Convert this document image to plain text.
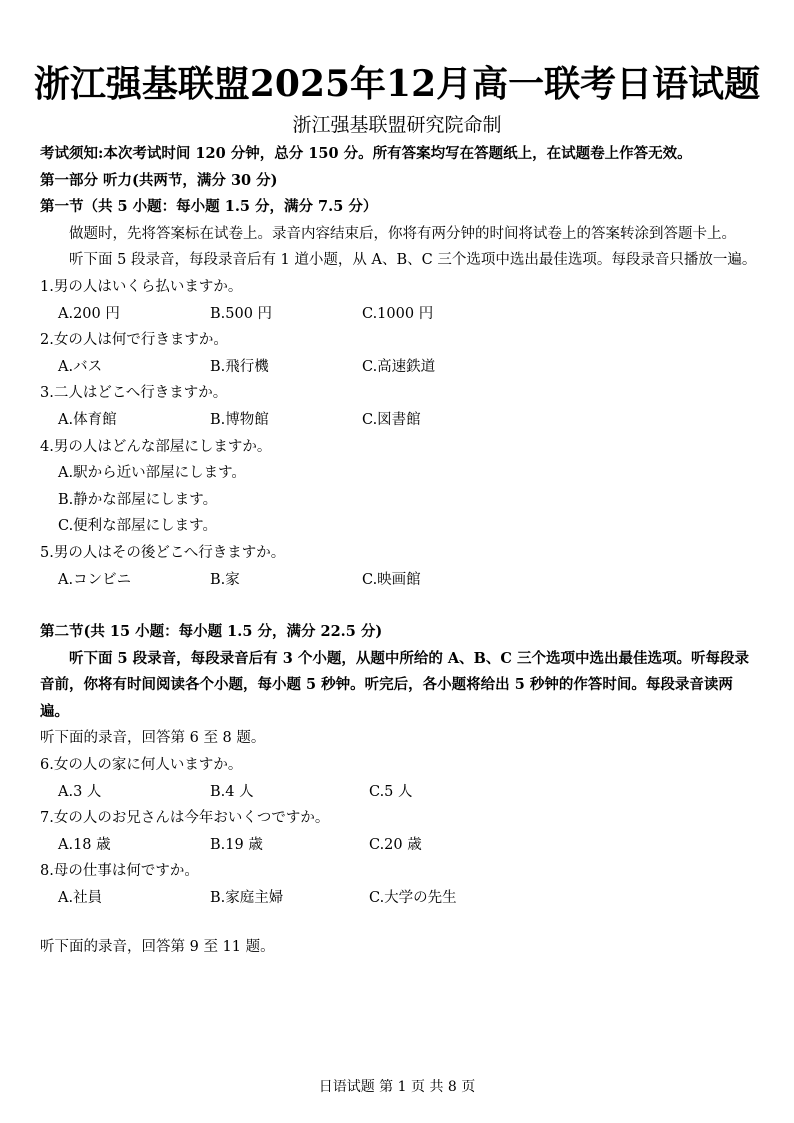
浙江强基联盟2025年12月高一联考日语试题
浙江强基联盟研究院命制

考试须知:本次考试时间 120 分钟，总分 150 分。所有答案均写在答题纸上，在试题卷上作答无效。

第一部分 听力(共两节，满分 30 分)

第一节（共 5 小题：每小题 1.5 分，满分 7.5 分）

做题时，先将答案标在试卷上。录音内容结束后，你将有两分钟的时间将试卷上的答案转涂到答题卡上。

听下面 5 段录音，每段录音后有 1 道小题，从 A、B、C 三个选项中选出最佳选项。每段录音只播放一遍。

1.男の人はいくら払いますか。

A.200 円	B.500 円	C.1000 円

2.女の人は何で行きますか。

A.バス	B.飛行機	C.高速鉄道

3.二人はどこへ行きますか。

A.体育館	B.博物館	C.図書館

4.男の人はどんな部屋にしますか。

A.駅から近い部屋にします。

B.静かな部屋にします。

C.便利な部屋にします。

5.男の人はその後どこへ行きますか。

A.コンビニ	B.家	C.映画館

第二节(共 15 小题：每小题 1.5 分，满分 22.5 分)

听下面 5 段录音，每段录音后有 3 个小题，从题中所给的 A、B、C 三个选项中选出最佳选项。听每段录音前，你将有时间阅读各个小题，每小题 5 秒钟。听完后，各小题将给出 5 秒钟的作答时间。每段录音读两遍。

听下面的录音，回答第 6 至 8 题。

6.女の人の家に何人いますか。

A.3 人	B.4 人	C.5 人

7.女の人のお兄さんは今年おいくつですか。

A.18 歳	B.19 歳	C.20 歳

8.母の仕事は何ですか。

A.社員	B.家庭主婦	C.大学の先生

听下面的录音，回答第 9 至 11 题。

日语试题 第 1 页 共 8 页
